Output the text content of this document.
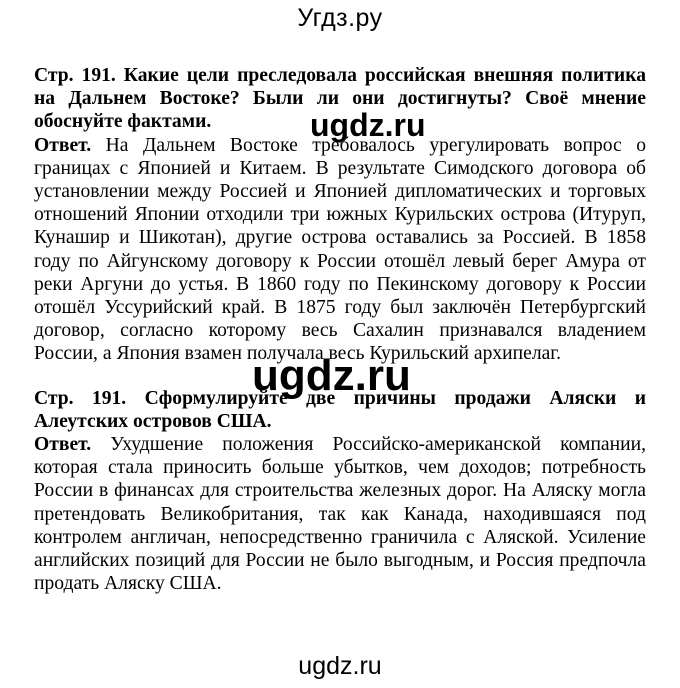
Угдз.ру

Стр. 191. Какие цели преследовала российская внешняя политика на Дальнем Востоке? Были ли они достигнуты? Своё мнение обоснуйте фактами.

Ответ. На Дальнем Востоке требовалось урегулировать вопрос о границах с Японией и Китаем. В результате Симодского договора об установлении между Россией и Японией дипломатических и торговых отношений Японии отходили три южных Курильских острова (Итуруп, Кунашир и Шикотан), другие острова оставались за Россией. В 1858 году по Айгунскому договору к России отошёл левый берег Амура от реки Аргуни до устья. В 1860 году по Пекинскому договору к России отошёл Уссурийский край. В 1875 году был заключён Петербургский договор, согласно которому весь Сахалин признавался владением России, а Япония взамен получала весь Курильский архипелаг.

Стр. 191. Сформулируйте две причины продажи Аляски и Алеутских островов США.

Ответ. Ухудшение положения Российско-американской компании, которая стала приносить больше убытков, чем доходов; потребность России в финансах для строительства железных дорог. На Аляску могла претендовать Великобритания, так как Канада, находившаяся под контролем англичан, непосредственно граничила с Аляской. Усиление английских позиций для России не было выгодным, и Россия предпочла продать Аляску США.

ugdz.ru
ugdz.ru
ugdz.ru
